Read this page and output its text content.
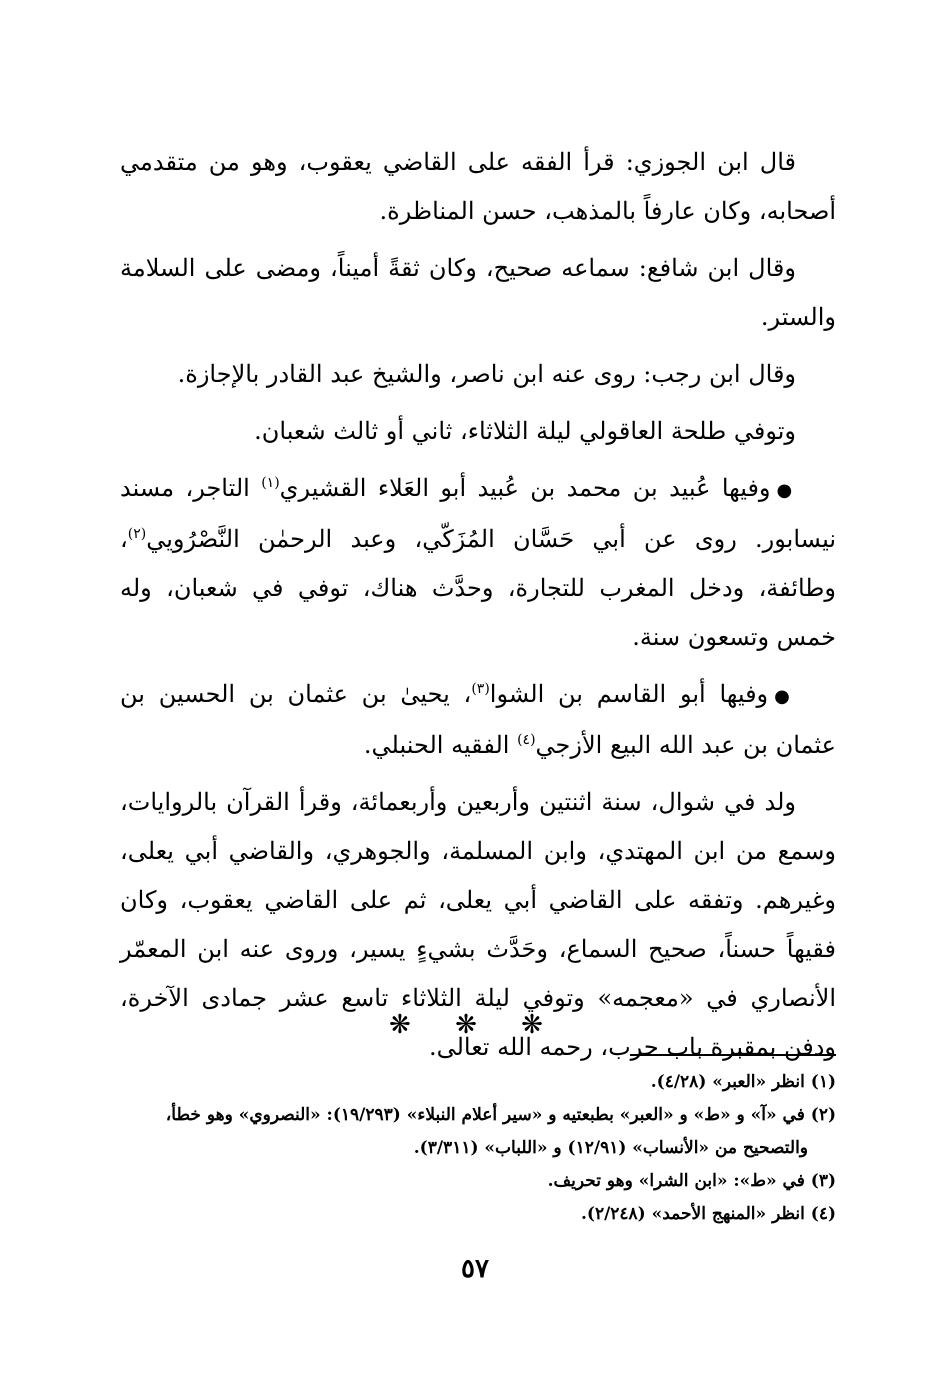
قال ابن الجوزي: قرأ الفقه على القاضي يعقوب، وهو من متقدمي أصحابه، وكان عارفاً بالمذهب، حسن المناظرة.

وقال ابن شافع: سماعه صحيح، وكان ثقةً أميناً، ومضى على السلامة والستر.

وقال ابن رجب: روى عنه ابن ناصر، والشيخ عبد القادر بالإجازة.

وتوفي طلحة العاقولي ليلة الثلاثاء، ثاني أو ثالث شعبان.

●وفيها عُبيد بن محمد بن عُبيد أبو العَلاء القشيري$^{(١)}$ التاجر، مسند نيسابور. روى عن أبي حَسَّان المُزَكّي، وعبد الرحمٰن النَّصْرُويي$^{(٢)}$، وطائفة، ودخل المغرب للتجارة، وحدَّث هناك، توفي في شعبان، وله خمس وتسعون سنة.

●وفيها أبو القاسم بن الشوا$^{(٣)}$، يحيىٰ بن عثمان بن الحسين بن عثمان بن عبد الله البيع الأزجي$^{(٤)}$ الفقيه الحنبلي.

ولد في شوال، سنة اثنتين وأربعين وأربعمائة، وقرأ القرآن بالروايات، وسمع من ابن المهتدي، وابن المسلمة، والجوهري، والقاضي أبي يعلى، وغيرهم. وتفقه على القاضي أبي يعلى، ثم على القاضي يعقوب، وكان فقيهاً حسناً، صحيح السماع، وحَدَّث بشيءٍ يسير، وروى عنه ابن المعمّر الأنصاري في «معجمه» وتوفي ليلة الثلاثاء تاسع عشر جمادى الآخرة، ودفن بمقبرة باب حرب، رحمه الله تعالى.

❋ ❋ ❋

(١) انظر «العبر» (٤/٢٨).

(٢) في «آ» و «ط» و «العبر» بطبعتيه و «سير أعلام النبلاء» (١٩/٢٩٣): «النصروي» وهو خطأ،

والتصحيح من «الأنساب» (١٢/٩١) و «اللباب» (٣/٣١١).

(٣) في «ط»: «ابن الشرا» وهو تحريف.

(٤) انظر «المنهج الأحمد» (٢/٢٤٨).

٥٧
